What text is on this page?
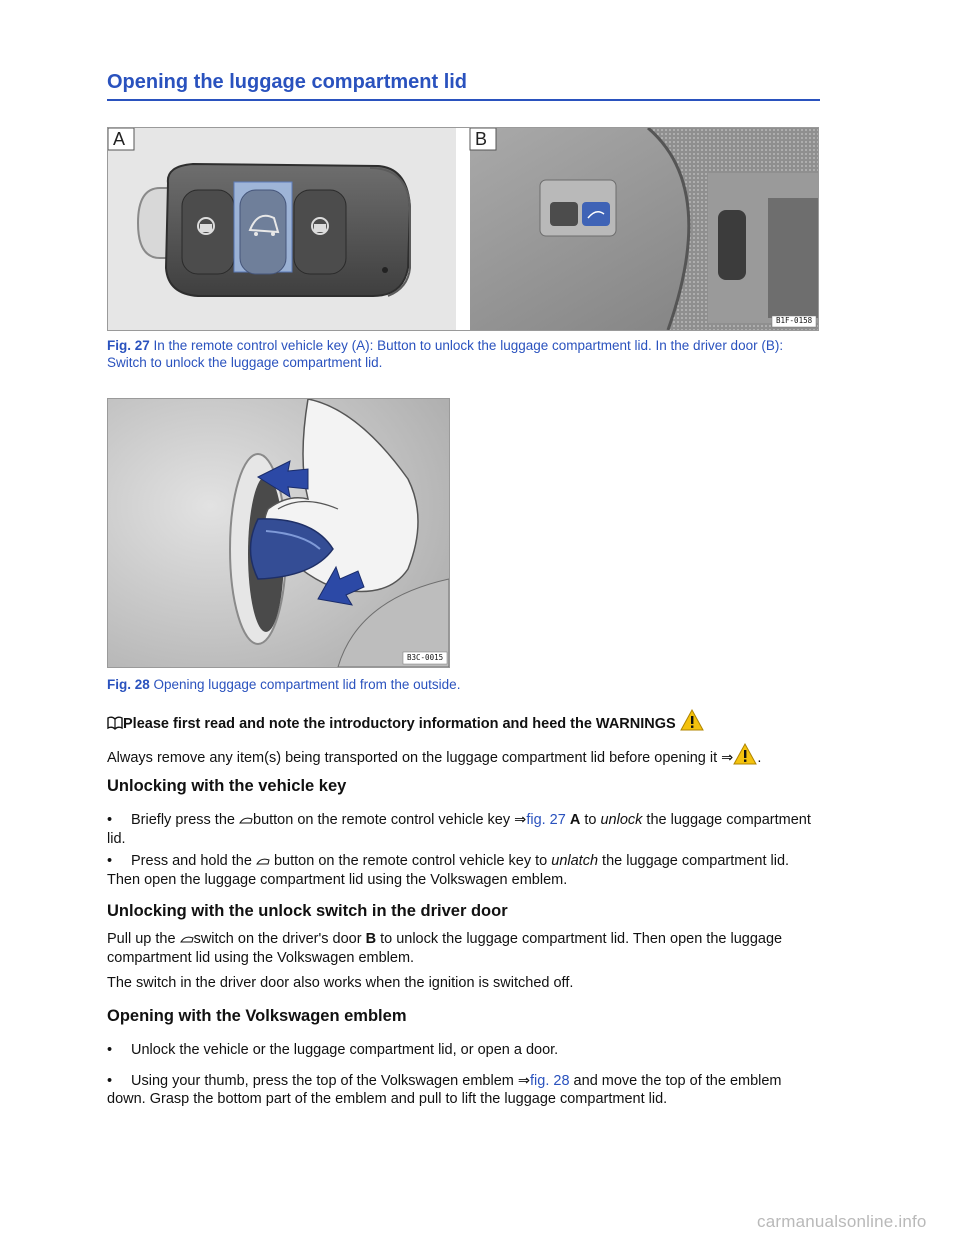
Opening the luggage compartment lid
A	B
B1F-0158
Fig. 27 In the remote control vehicle key (A): Button to unlock the luggage compartment lid. In the driver door (B): Switch to unlock the luggage compartment lid.
B3C-0015
Fig. 28 Opening luggage compartment lid from the outside.
Please first read and note the introductory information and heed the WARNINGS

Always remove any item(s) being transported on the luggage compartment lid before opening it ⇒ .

Unlocking with the vehicle key
• Briefly press the button on the remote control vehicle key ⇒fig. 27 A to unlock the luggage compartment lid.
• Press and hold the  button on the remote control vehicle key to unlatch the luggage compartment lid. Then open the luggage compartment lid using the Volkswagen emblem.
Unlocking with the unlock switch in the driver door

Pull up the switch on the driver's door B to unlock the luggage compartment lid. Then open the luggage compartment lid using the Volkswagen emblem.

The switch in the driver door also works when the ignition is switched off.

Opening with the Volkswagen emblem
• Unlock the vehicle or the luggage compartment lid, or open a door.
• Using your thumb, press the top of the Volkswagen emblem ⇒fig. 28 and move the top of the emblem down. Grasp the bottom part of the emblem and pull to lift the luggage compartment lid.
carmanualsonline.info
